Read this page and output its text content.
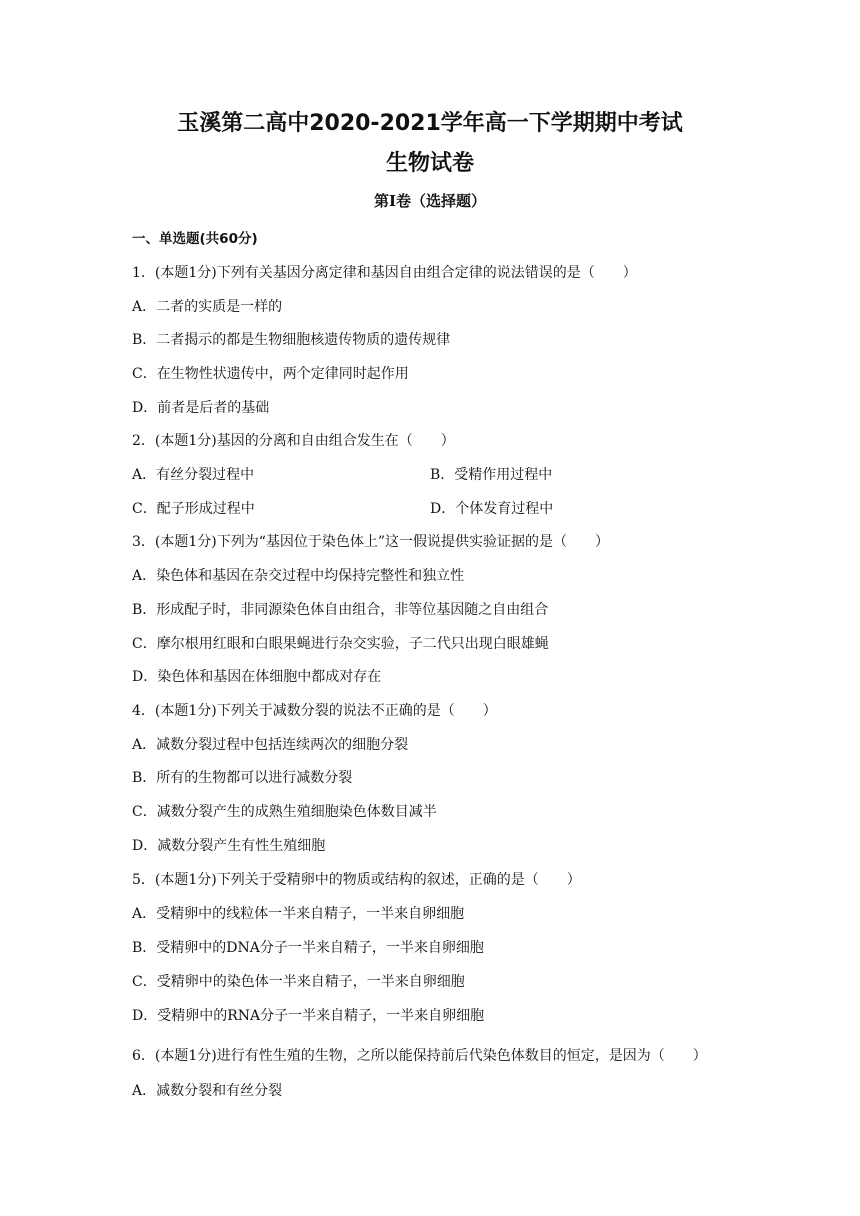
玉溪第二高中2020-2021学年高一下学期期中考试
生物试卷
第Ⅰ卷（选择题）
一、单选题(共60分)
1．(本题1分)下列有关基因分离定律和基因自由组合定律的说法错误的是（　　）
A．二者的实质是一样的
B．二者揭示的都是生物细胞核遗传物质的遗传规律
C．在生物性状遗传中，两个定律同时起作用
D．前者是后者的基础
2．(本题1分)基因的分离和自由组合发生在（　　）
A．有丝分裂过程中	B．受精作用过程中
C．配子形成过程中	D．个体发育过程中
3．(本题1分)下列为“基因位于染色体上”这一假说提供实验证据的是（　　）
A．染色体和基因在杂交过程中均保持完整性和独立性
B．形成配子时，非同源染色体自由组合，非等位基因随之自由组合
C．摩尔根用红眼和白眼果蝇进行杂交实验，子二代只出现白眼雄蝇
D．染色体和基因在体细胞中都成对存在
4．(本题1分)下列关于减数分裂的说法不正确的是（　　）
A．减数分裂过程中包括连续两次的细胞分裂
B．所有的生物都可以进行减数分裂
C．减数分裂产生的成熟生殖细胞染色体数目减半
D．减数分裂产生有性生殖细胞
5．(本题1分)下列关于受精卵中的物质或结构的叙述，正确的是（　　）
A．受精卵中的线粒体一半来自精子，一半来自卵细胞
B．受精卵中的DNA分子一半来自精子，一半来自卵细胞
C．受精卵中的染色体一半来自精子，一半来自卵细胞
D．受精卵中的RNA分子一半来自精子，一半来自卵细胞
6．(本题1分)进行有性生殖的生物，之所以能保持前后代染色体数目的恒定，是因为（　　）
A．减数分裂和有丝分裂
